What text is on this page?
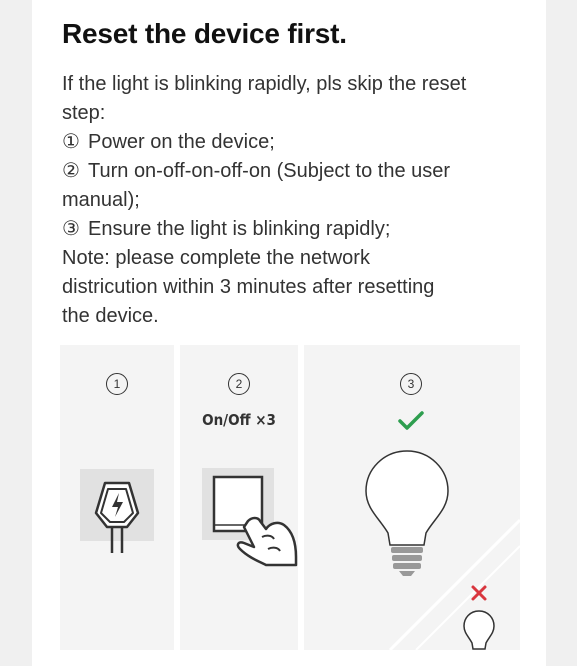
Reset the device first.
If the light is blinking rapidly, pls skip the reset
step:
① Power on the device;
② Turn on-off-on-off-on (Subject to the user
manual);
③ Ensure the light is blinking rapidly;
Note: please complete the network
districution within 3 minutes after resetting
the device.
1	2
On/Off ×3
3
